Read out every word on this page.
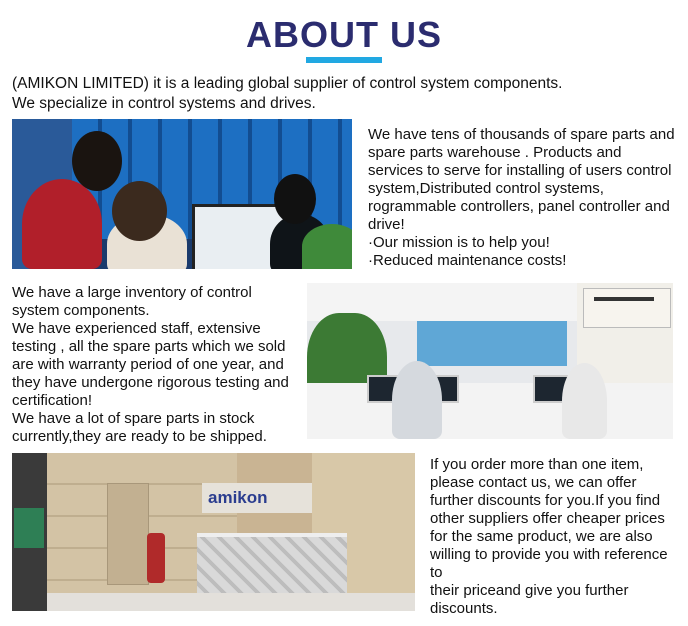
ABOUT US
(AMIKON LIMITED) it is a leading global supplier of control system components.
We specialize in control systems and drives.

We have tens of thousands of spare parts and spare parts warehouse . Products and services to serve for installing of users control system,Distributed control systems, rogrammable controllers, panel controller and drive!

·Our mission is to help you!

·Reduced maintenance costs!

We have a large inventory of control system components.

We have experienced staff, extensive testing , all the spare parts which we sold are with warranty period of one year, and they have undergone rigorous testing and certification!

We have a lot of spare parts in stock currently,they are ready to be shipped.

amikon

If you order more than one item, please contact us, we can offer further discounts for you.If you find other suppliers offer cheaper prices for the same product, we are also willing to provide you with reference to

their priceand give you further discounts.
